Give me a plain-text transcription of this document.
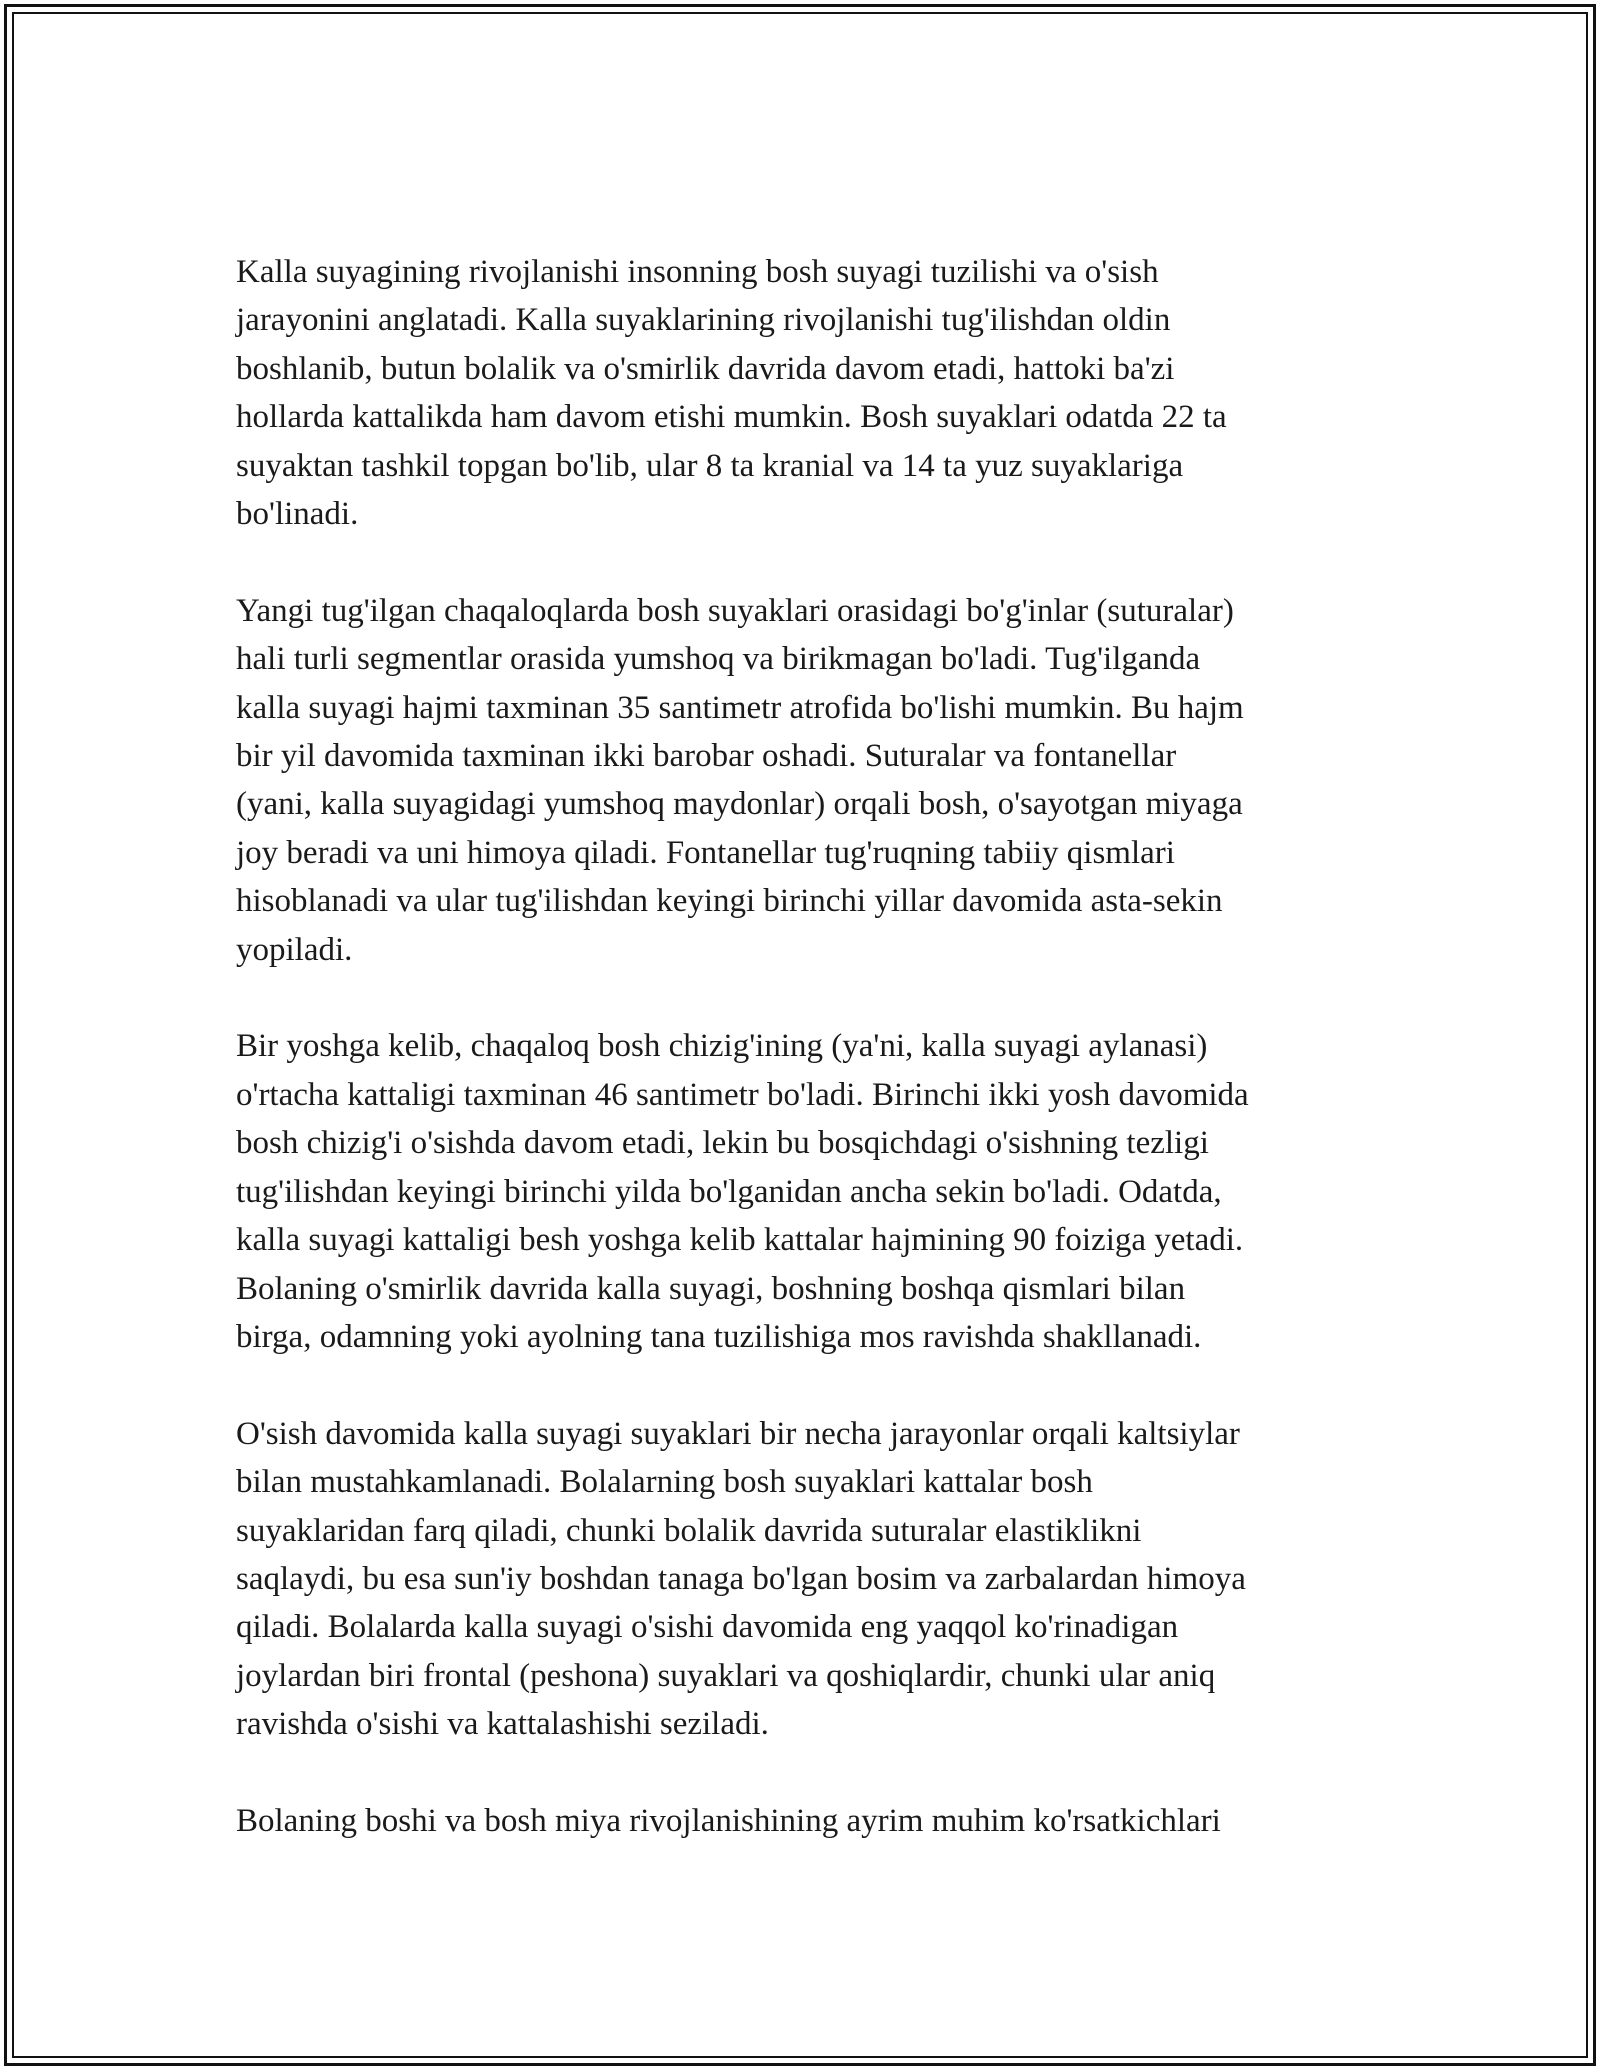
Kalla suyagining rivojlanishi insonning bosh suyagi tuzilishi va o'sish
jarayonini anglatadi. Kalla suyaklarining rivojlanishi tug'ilishdan oldin
boshlanib, butun bolalik va o'smirlik davrida davom etadi, hattoki ba'zi
hollarda kattalikda ham davom etishi mumkin. Bosh suyaklari odatda 22 ta
suyaktan tashkil topgan bo'lib, ular 8 ta kranial va 14 ta yuz suyaklariga
bo'linadi.

Yangi tug'ilgan chaqaloqlarda bosh suyaklari orasidagi bo'g'inlar (suturalar)
hali turli segmentlar orasida yumshoq va birikmagan bo'ladi. Tug'ilganda
kalla suyagi hajmi taxminan 35 santimetr atrofida bo'lishi mumkin. Bu hajm
bir yil davomida taxminan ikki barobar oshadi. Suturalar va fontanellar
(yani, kalla suyagidagi yumshoq maydonlar) orqali bosh, o'sayotgan miyaga
joy beradi va uni himoya qiladi. Fontanellar tug'ruqning tabiiy qismlari
hisoblanadi va ular tug'ilishdan keyingi birinchi yillar davomida asta-sekin
yopiladi.

Bir yoshga kelib, chaqaloq bosh chizig'ining (ya'ni, kalla suyagi aylanasi)
o'rtacha kattaligi taxminan 46 santimetr bo'ladi. Birinchi ikki yosh davomida
bosh chizig'i o'sishda davom etadi, lekin bu bosqichdagi o'sishning tezligi
tug'ilishdan keyingi birinchi yilda bo'lganidan ancha sekin bo'ladi. Odatda,
kalla suyagi kattaligi besh yoshga kelib kattalar hajmining 90 foiziga yetadi.
Bolaning o'smirlik davrida kalla suyagi, boshning boshqa qismlari bilan
birga, odamning yoki ayolning tana tuzilishiga mos ravishda shakllanadi.

O'sish davomida kalla suyagi suyaklari bir necha jarayonlar orqali kaltsiylar
bilan mustahkamlanadi. Bolalarning bosh suyaklari kattalar bosh
suyaklaridan farq qiladi, chunki bolalik davrida suturalar elastiklikni
saqlaydi, bu esa sun'iy boshdan tanaga bo'lgan bosim va zarbalardan himoya
qiladi. Bolalarda kalla suyagi o'sishi davomida eng yaqqol ko'rinadigan
joylardan biri frontal (peshona) suyaklari va qoshiqlardir, chunki ular aniq
ravishda o'sishi va kattalashishi seziladi.

Bolaning boshi va bosh miya rivojlanishining ayrim muhim ko'rsatkichlari
